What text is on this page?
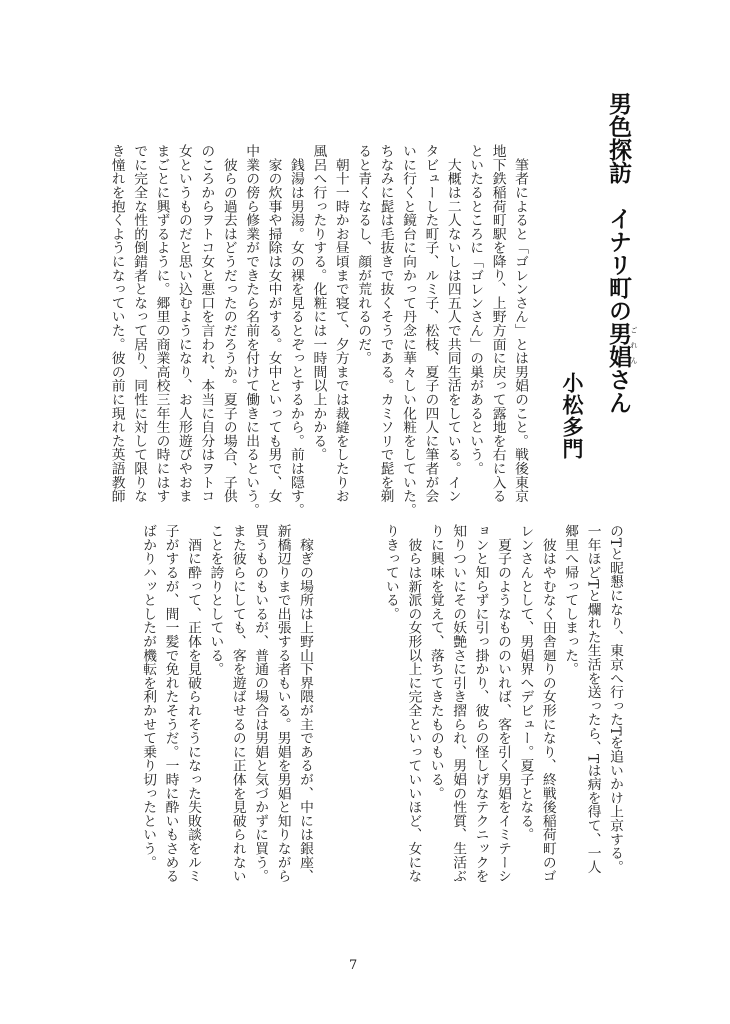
男色探訪　イナリ町の男娼 ごれんさん
小松多門
　筆者によると「ゴレンさん」とは男娼のこと。戦後東京
地下鉄稲荷町駅を降り、上野方面に戻って露地を右に入る
といたるところに「ゴレンさん」の巣があるという。
　大概は二人ないしは四五人で共同生活をしている。イン
タビューした町子、ルミ子、松枝、夏子の四人に筆者が会
いに行くと鏡台に向かって丹念に華々しい化粧をしていた。
ちなみに髭は毛抜きで抜くそうである。カミソリで髭を剃
ると青くなるし、顔が荒れるのだ。
　朝十一時かお昼頃まで寝て、夕方までは裁縫をしたりお
風呂へ行ったりする。化粧には一時間以上かかる。
　銭湯は男湯。女の裸を見るとぞっとするから。前は隠す。
　家の炊事や掃除は女中がする。女中といっても男で、女
中業の傍ら修業ができたら名前を付けて働きに出るという。
　彼らの過去はどうだったのだろうか。夏子の場合、子供
のころからヲトコ女と悪口を言われ、本当に自分はヲトコ
女というものだと思い込むようになり、お人形遊びやおま
まごとに興ずるように。郷里の商業高校三年生の時にはす
でに完全な性的倒錯者となって居り、同性に対して限りな
き憧れを抱くようになっていた。彼の前に現れた英語教師
のTと昵懇になり、東京へ行ったTを追いかけ上京する。
一年ほどTと爛れた生活を送ったら、Tは病を得て、一人
郷里へ帰ってしまった。
　彼はやむなく田舎廻りの女形になり、終戦後稲荷町のゴ
レンさんとして、男娼界へデビュー。夏子となる。
　夏子のようなもののいれば、客を引く男娼をイミテーシ
ョンと知らずに引っ掛かり、彼らの怪しげなテクニックを
知りついにその妖艶さに引き摺られ、男娼の性質、生活ぶ
りに興味を覚えて、落ちてきたものもいる。
　彼らは新派の女形以上に完全といっていいほど、女にな
りきっている。
　稼ぎの場所は上野山下界隈が主であるが、中には銀座、
新橋辺りまで出張する者もいる。男娼を男娼と知りながら
買うものもいるが、普通の場合は男娼と気づかずに買う。
また彼らにしても、客を遊ばせるのに正体を見破られない
ことを誇りとしている。
　酒に酔って、正体を見破られそうになった失敗談をルミ
子がするが、間一髪で免れたそうだ。一時に酔いもさめる
ばかりハッとしたが機転を利かせて乗り切ったという。
7
